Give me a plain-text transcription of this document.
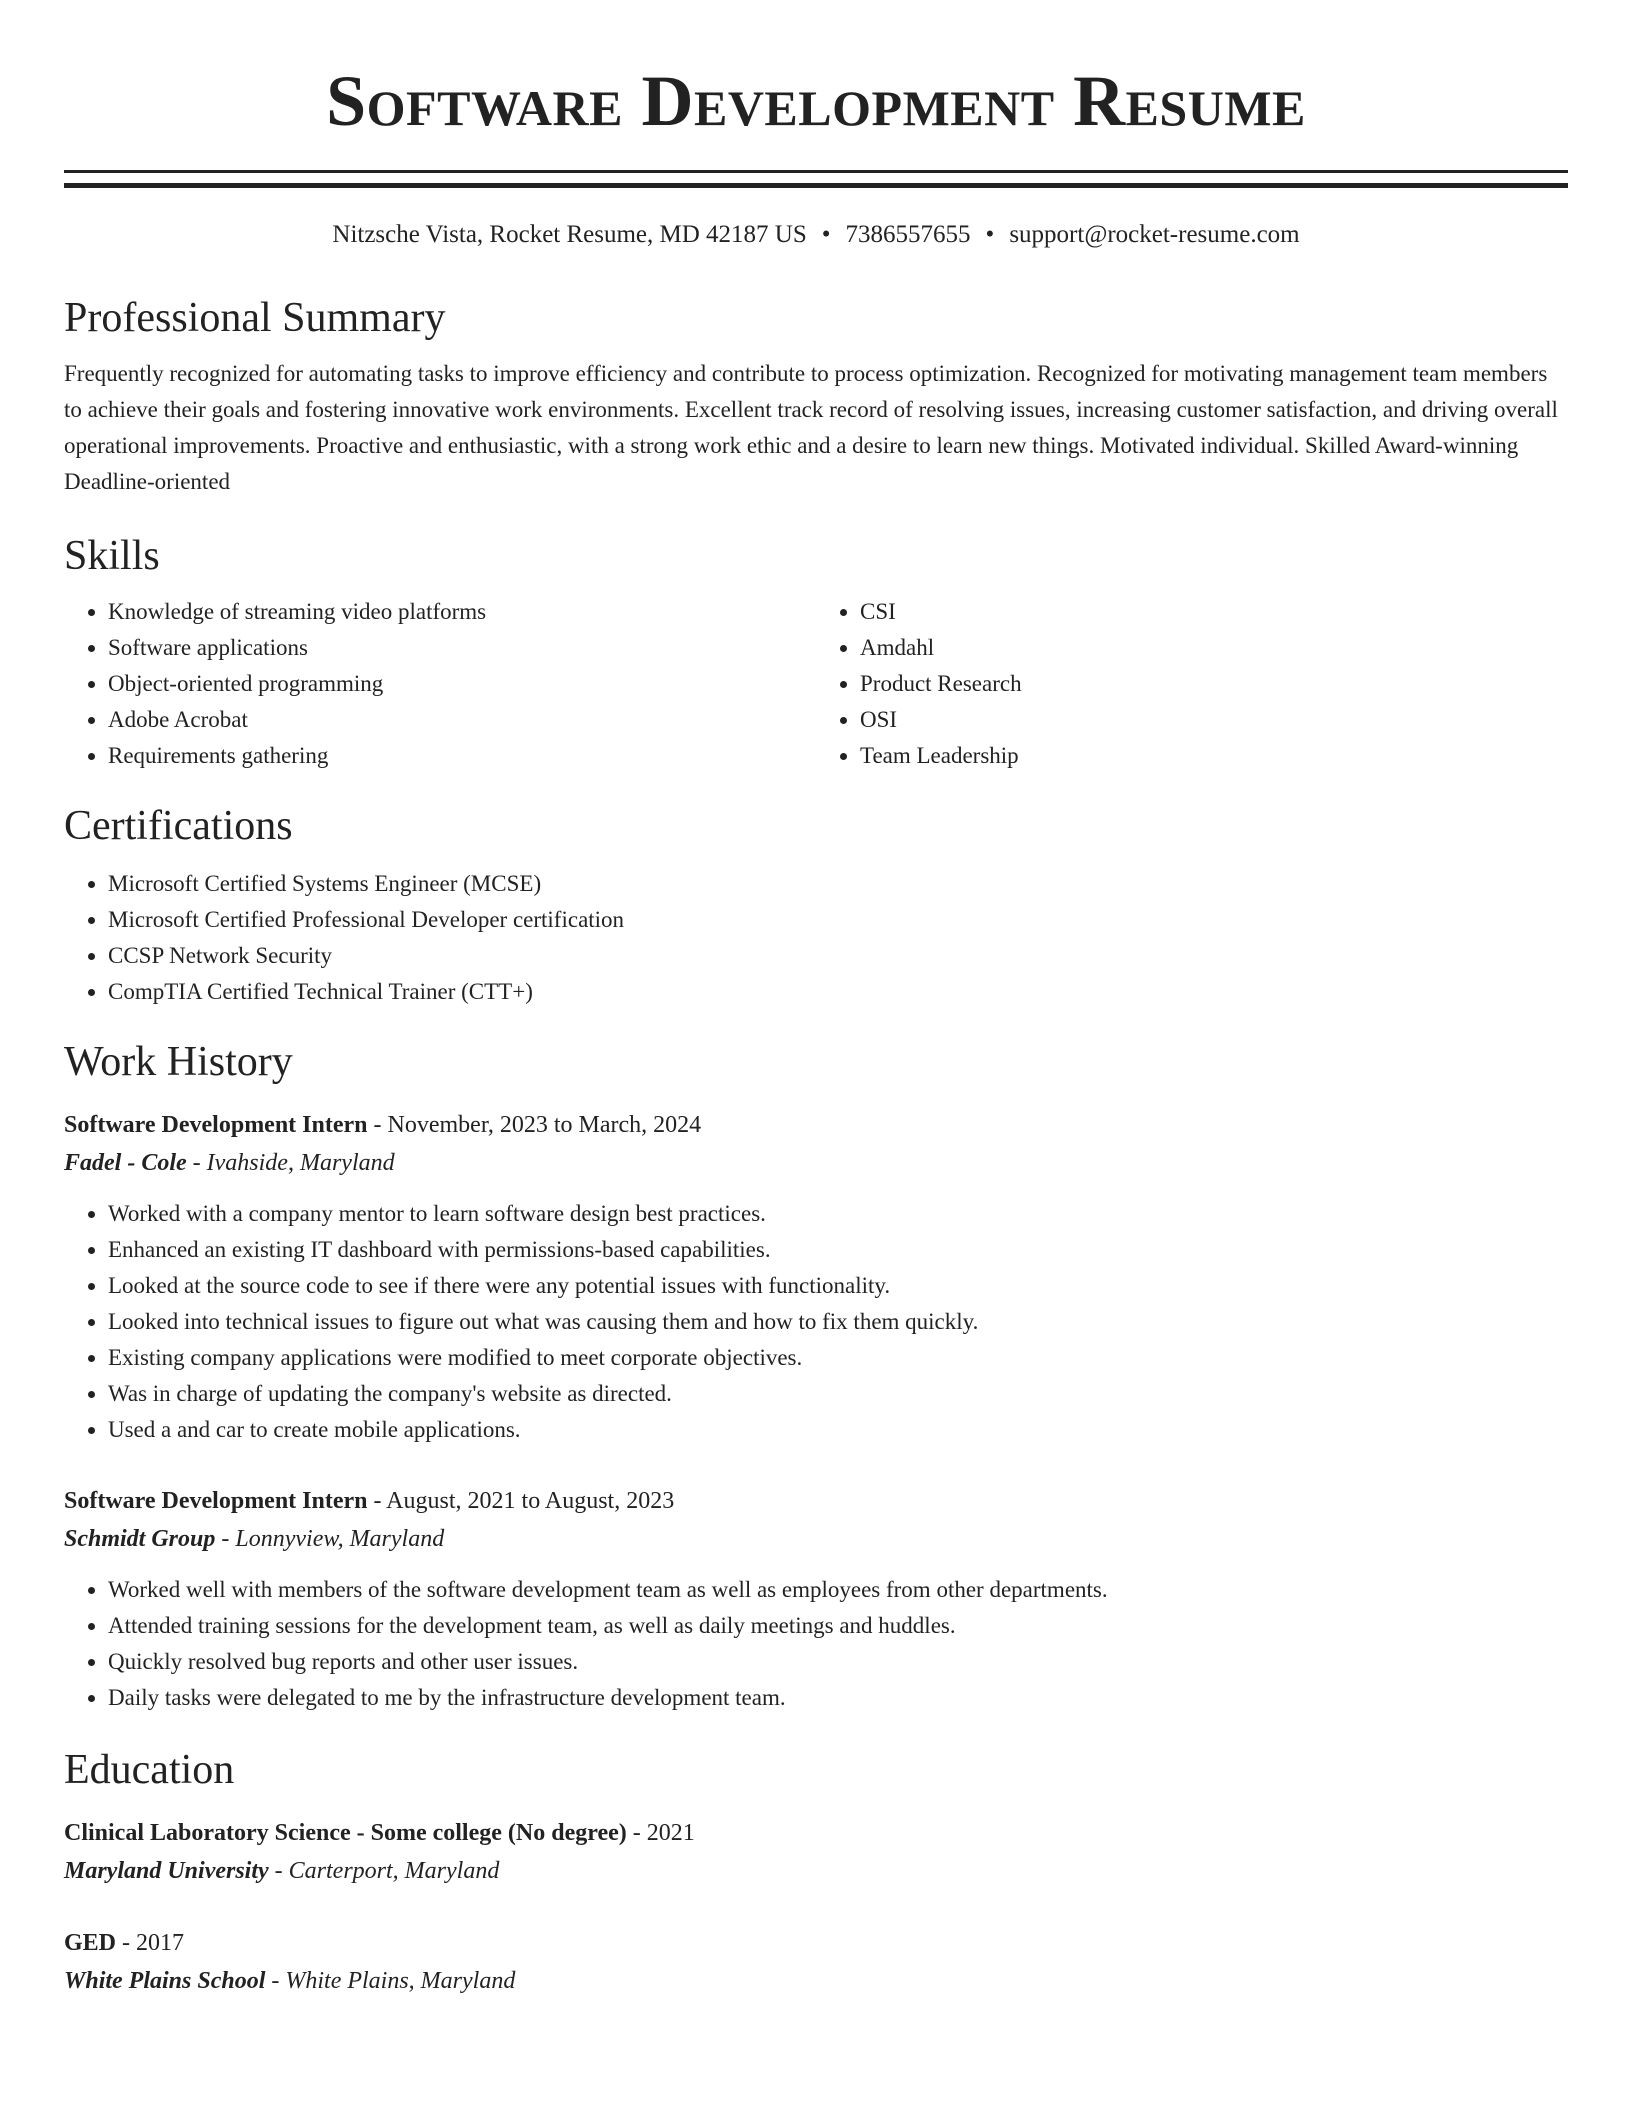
Software Development Resume
Nitzsche Vista, Rocket Resume, MD 42187 US • 7386557655 • support@rocket-resume.com
Professional Summary

Frequently recognized for automating tasks to improve efficiency and contribute to process optimization. Recognized for motivating management team members to achieve their goals and fostering innovative work environments. Excellent track record of resolving issues, increasing customer satisfaction, and driving overall operational improvements. Proactive and enthusiastic, with a strong work ethic and a desire to learn new things. Motivated individual. Skilled Award-winning Deadline-oriented

Skills
• Knowledge of streaming video platforms
• Software applications
• Object-oriented programming
• Adobe Acrobat
• Requirements gathering
• CSI
• Amdahl
• Product Research
• OSI
• Team Leadership
Certifications
• Microsoft Certified Systems Engineer (MCSE)
• Microsoft Certified Professional Developer certification
• CCSP Network Security
• CompTIA Certified Technical Trainer (CTT+)
Work History
Software Development Intern - November, 2023 to March, 2024
Fadel - Cole - Ivahside, Maryland
• Worked with a company mentor to learn software design best practices.
• Enhanced an existing IT dashboard with permissions-based capabilities.
• Looked at the source code to see if there were any potential issues with functionality.
• Looked into technical issues to figure out what was causing them and how to fix them quickly.
• Existing company applications were modified to meet corporate objectives.
• Was in charge of updating the company's website as directed.
• Used a and car to create mobile applications.
Software Development Intern - August, 2021 to August, 2023
Schmidt Group - Lonnyview, Maryland
• Worked well with members of the software development team as well as employees from other departments.
• Attended training sessions for the development team, as well as daily meetings and huddles.
• Quickly resolved bug reports and other user issues.
• Daily tasks were delegated to me by the infrastructure development team.
Education
Clinical Laboratory Science - Some college (No degree) - 2021
Maryland University - Carterport, Maryland
GED - 2017
White Plains School - White Plains, Maryland
